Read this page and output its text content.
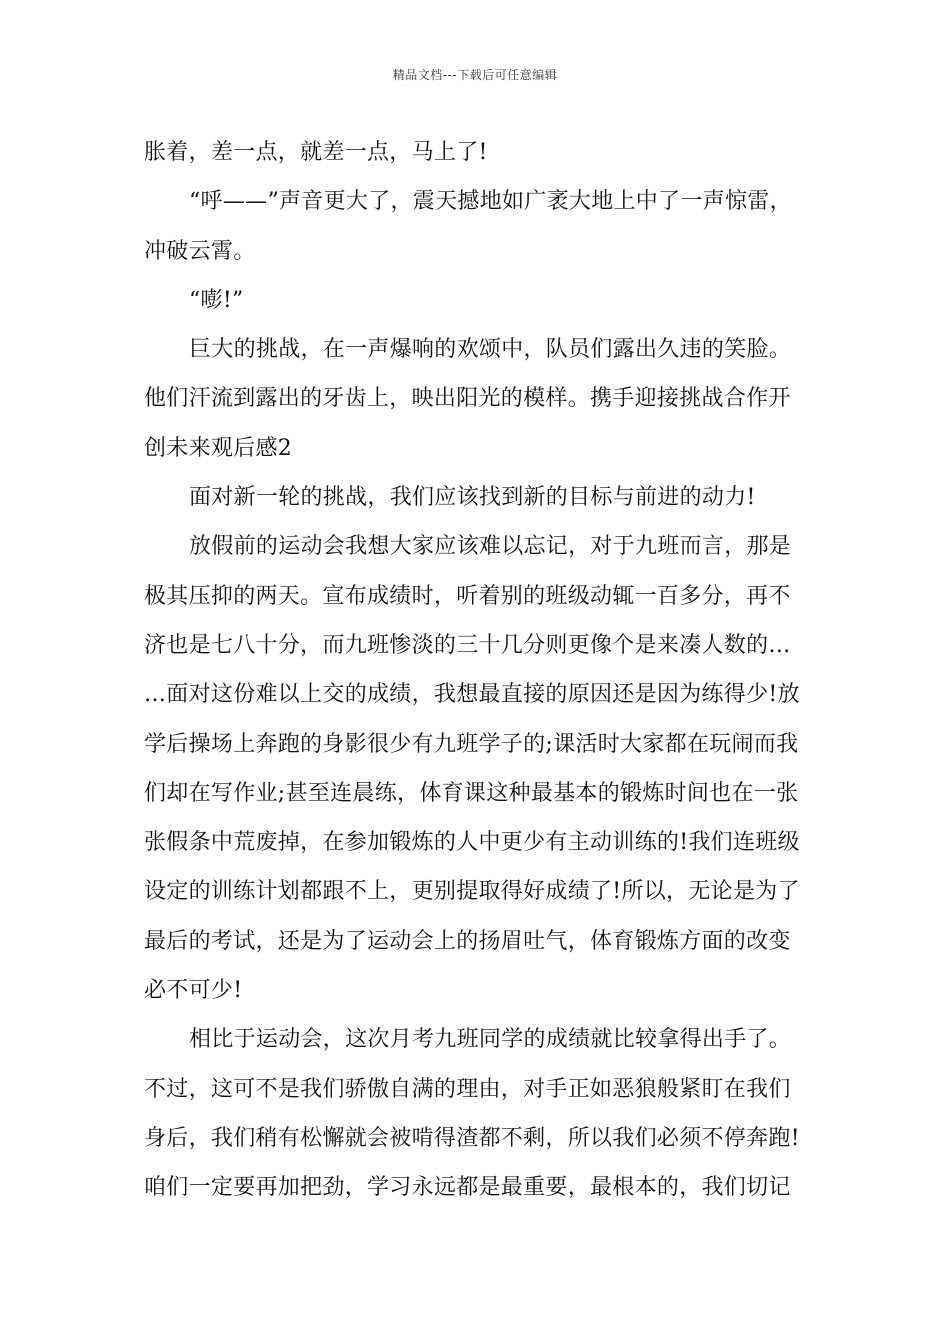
精品文档---下载后可任意编辑
胀着，差一点，就差一点，马上了!
“呼——”声音更大了，震天撼地如广袤大地上中了一声惊雷，
冲破云霄。
“嘭!”
巨大的挑战，在一声爆响的欢颂中，队员们露出久违的笑脸。
他们汗流到露出的牙齿上，映出阳光的模样。携手迎接挑战合作开
创未来观后感2
面对新一轮的挑战，我们应该找到新的目标与前进的动力!
放假前的运动会我想大家应该难以忘记，对于九班而言，那是
极其压抑的两天。宣布成绩时，听着别的班级动辄一百多分，再不
济也是七八十分，而九班惨淡的三十几分则更像个是来凑人数的…
…面对这份难以上交的成绩，我想最直接的原因还是因为练得少!放
学后操场上奔跑的身影很少有九班学子的;课活时大家都在玩闹而我
们却在写作业;甚至连晨练，体育课这种最基本的锻炼时间也在一张
张假条中荒废掉，在参加锻炼的人中更少有主动训练的!我们连班级
设定的训练计划都跟不上，更别提取得好成绩了!所以，无论是为了
最后的考试，还是为了运动会上的扬眉吐气，体育锻炼方面的改变
必不可少!
相比于运动会，这次月考九班同学的成绩就比较拿得出手了。
不过，这可不是我们骄傲自满的理由，对手正如恶狼般紧盯在我们
身后，我们稍有松懈就会被啃得渣都不剩，所以我们必须不停奔跑!
咱们一定要再加把劲，学习永远都是最重要，最根本的，我们切记
